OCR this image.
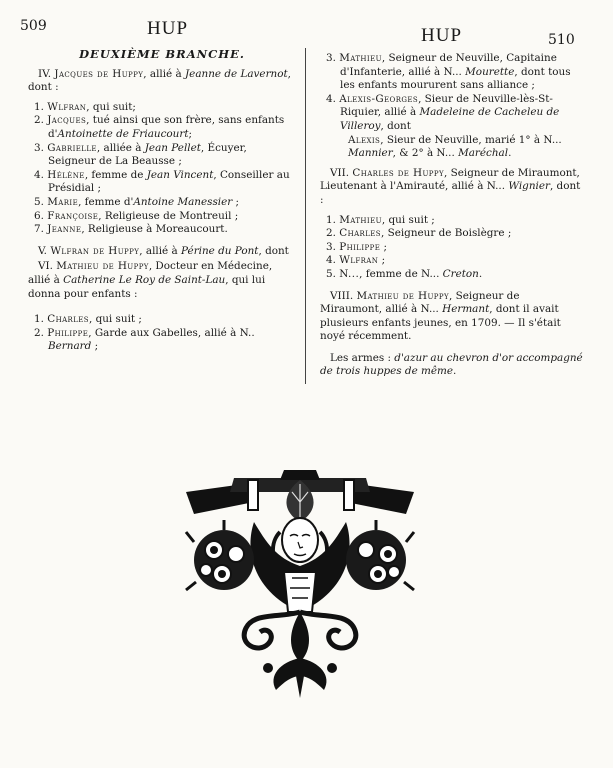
509	HUP	HUP	510
DEUXIÈME BRANCHE.

IV. Jacques de Huppy, allié à Jeanne de Lavernot, dont :

1. Wlfran, qui suit;

2. Jacques, tué ainsi que son frère, sans enfants d'Antoinette de Friaucourt;

3. Gabrielle, alliée à Jean Pellet, Écuyer, Seigneur de La Beausse ;

4. Hélène, femme de Jean Vincent, Conseiller au Présidial ;

5. Marie, femme d'Antoine Manessier ;

6. Françoise, Religieuse de Montreuil ;

7. Jeanne, Religieuse à Moreaucourt.

V. Wlfran de Huppy, allié à Périne du Pont, dont

VI. Mathieu de Huppy, Docteur en Médecine, allié à Catherine Le Roy de Saint-Lau, qui lui donna pour enfants :

1. Charles, qui suit ;

2. Philippe, Garde aux Gabelles, allié à N.. Bernard ;

3. Mathieu, Seigneur de Neuville, Capitaine d'Infanterie, allié à N... Mourette, dont tous les enfants moururent sans alliance ;

4. Alexis-Georges, Sieur de Neuville-lès-St-Riquier, allié à Madeleine de Cacheleu de Villeroy, dont

Alexis, Sieur de Neuville, marié 1° à N... Mannier, & 2° à N... Maréchal.

VII. Charles de Huppy, Seigneur de Miraumont, Lieutenant à l'Amirauté, allié à N... Wignier, dont :

1. Mathieu, qui suit ;

2. Charles, Seigneur de Boislègre ;

3. Philippe ;

4. Wlfran ;

5. N..., femme de N... Creton.

VIII. Mathieu de Huppy, Seigneur de Miraumont, allié à N... Hermant, dont il avait plusieurs enfants jeunes, en 1709. — Il s'était noyé récemment.

Les armes : d'azur au chevron d'or accompagné de trois huppes de même.
